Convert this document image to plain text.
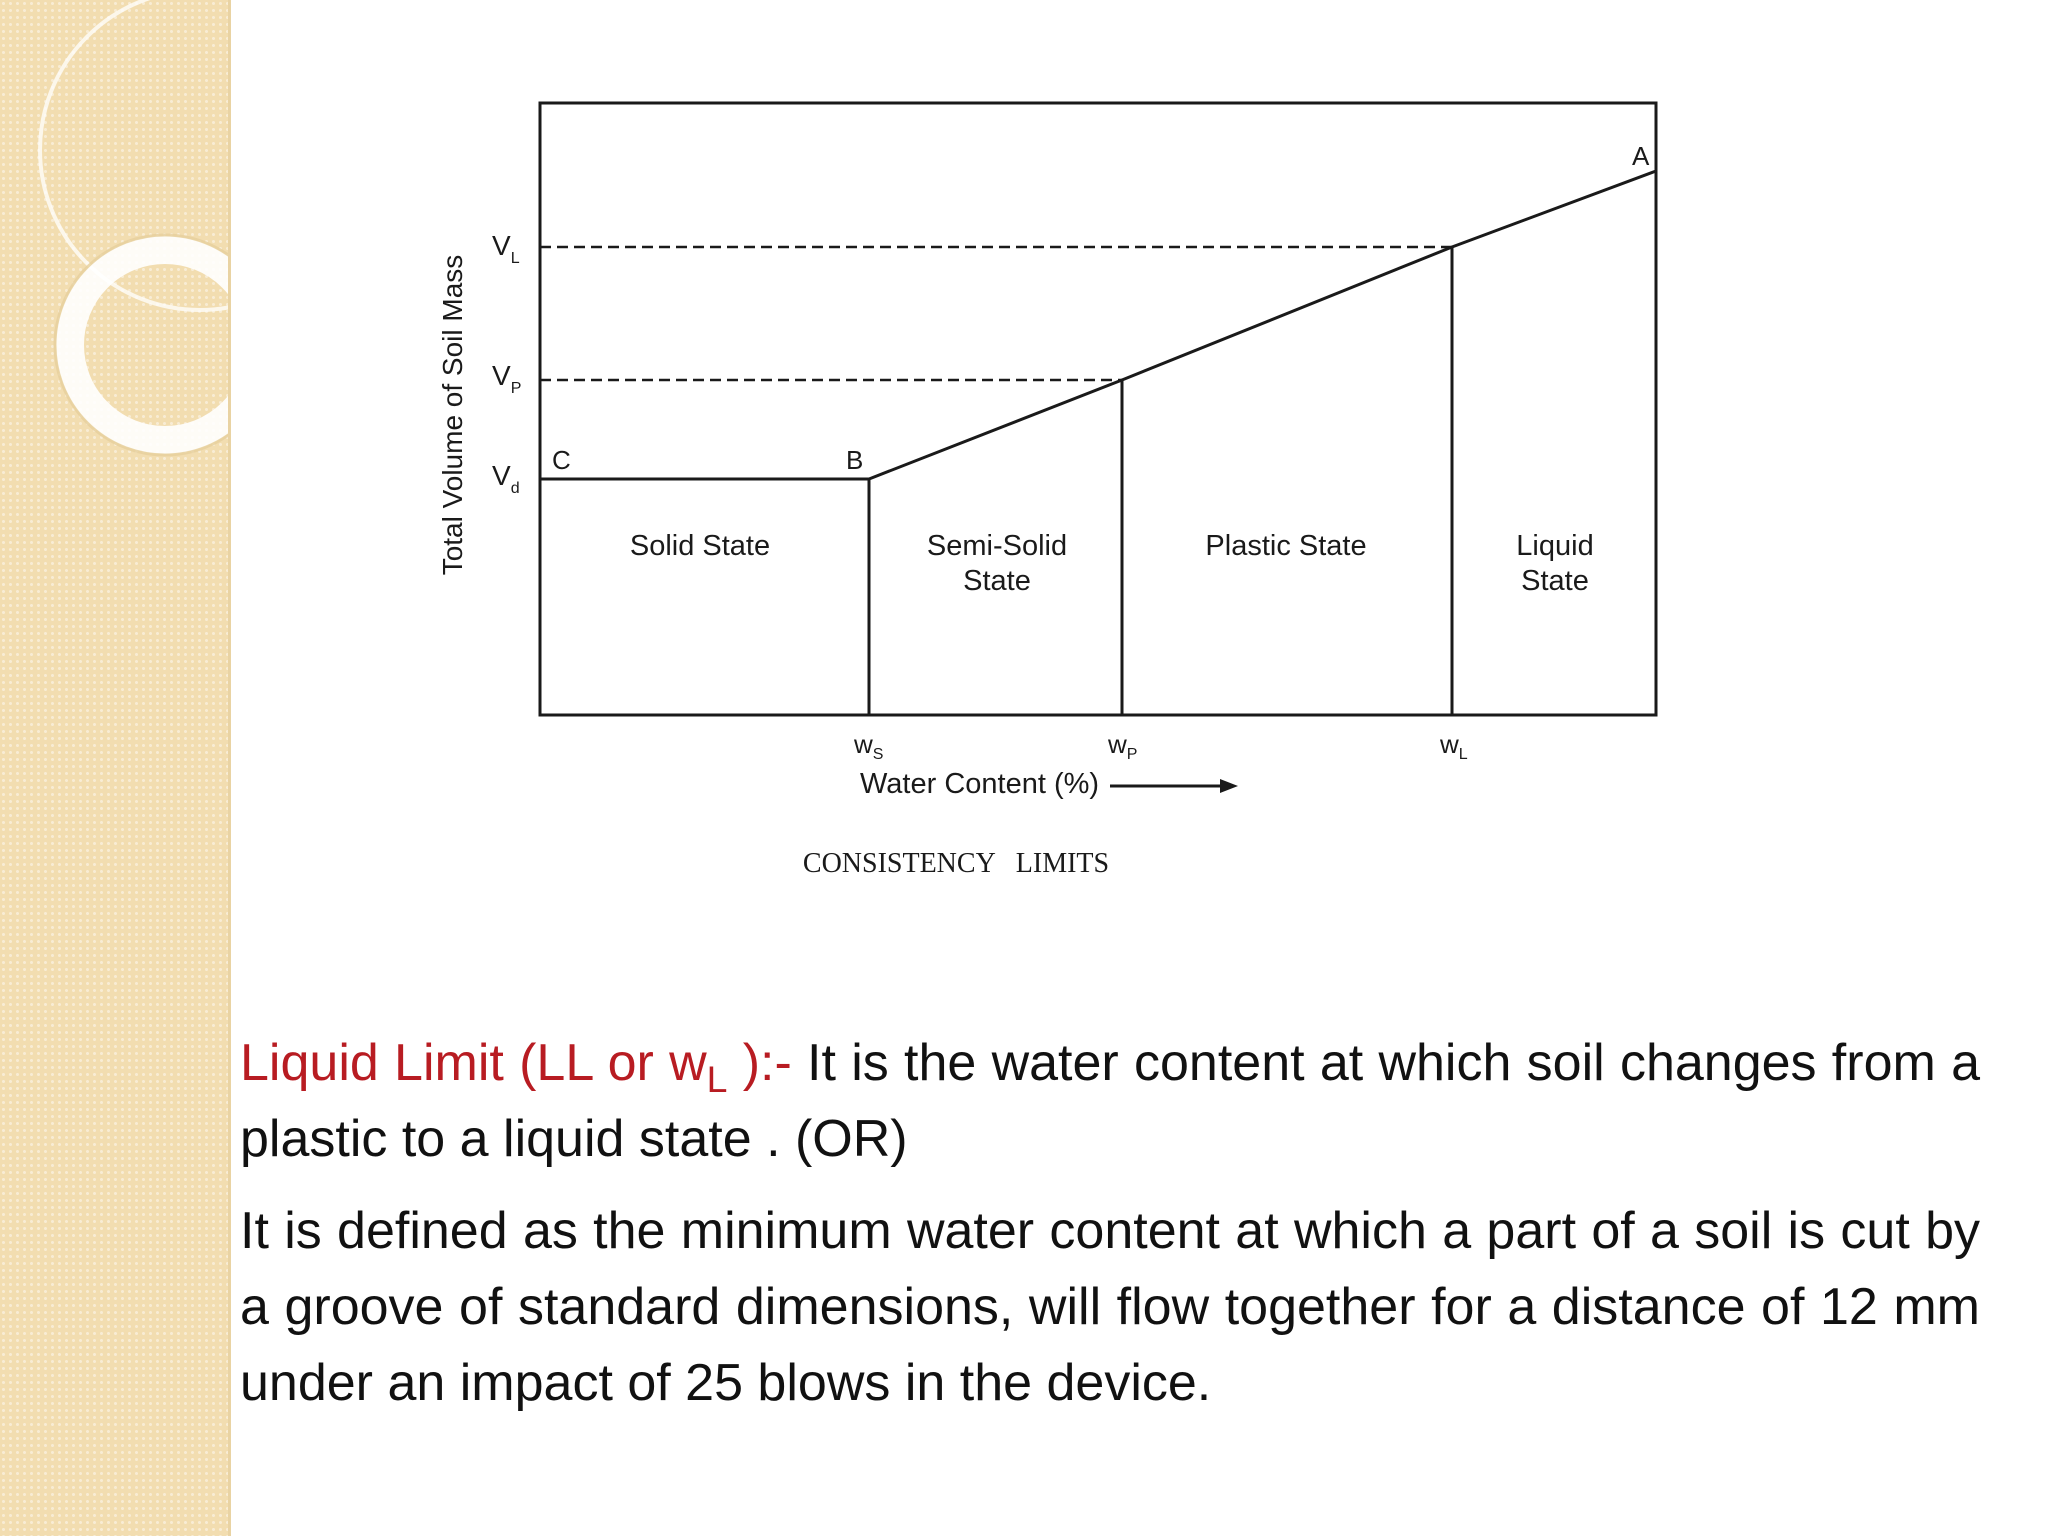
Total Volume of Soil Mass
$V_L$
$V_P$
$V_d$
C	B
A
Solid State	Semi-Solid State
Plastic State	Liquid State
$w_S$	$w_P$	$w_L$
Water Content (%)
CONSISTENCY   LIMITS

Liquid Limit (LL or $w_L$ ):- It is the water content at which soil changes from a plastic to a liquid state . (OR)

It is defined as the minimum water content at which a part of a soil is cut by a groove of standard dimensions, will flow together for a distance of 12 mm under an impact of 25 blows in the device.
